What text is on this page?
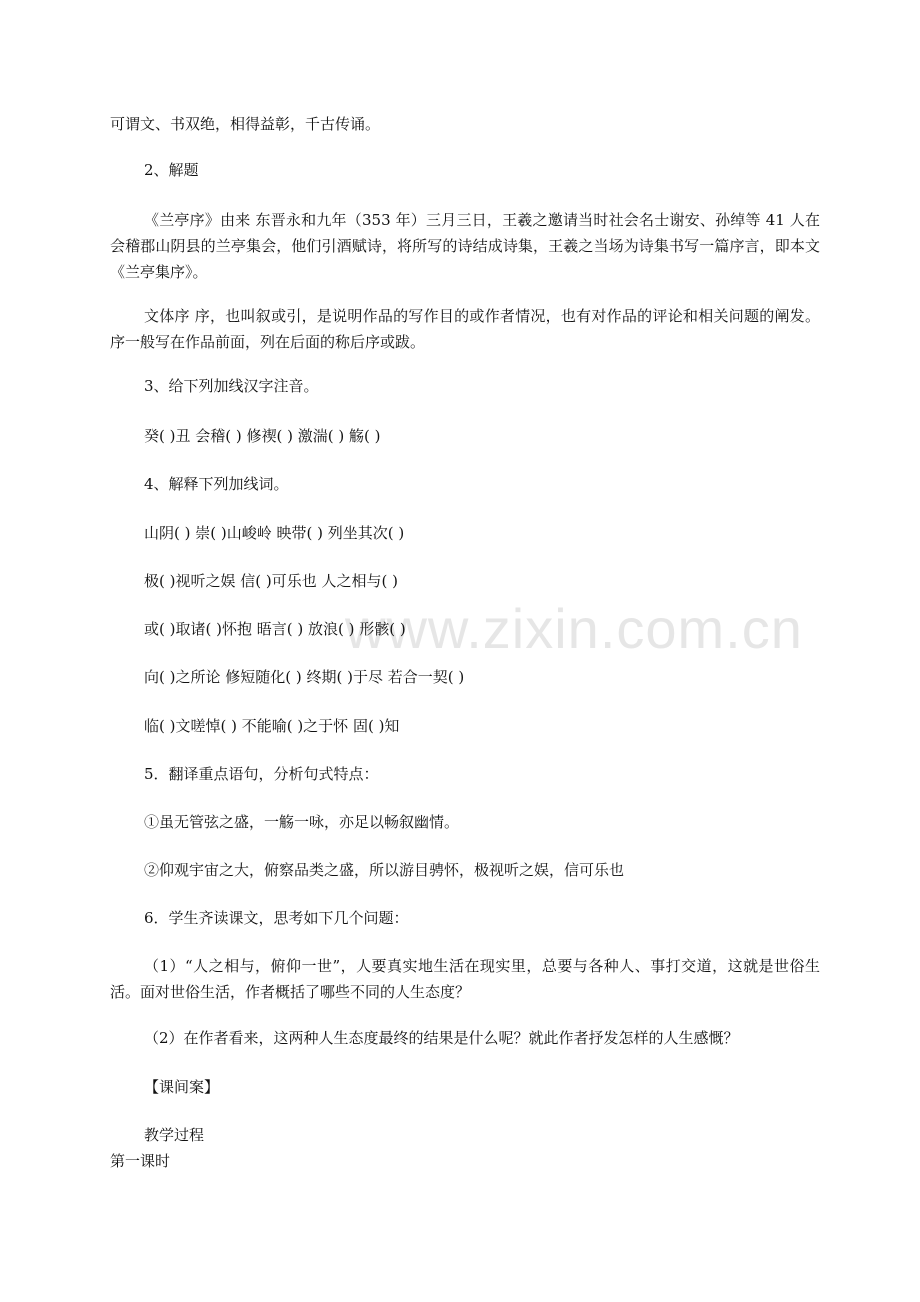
www.zixin.com.cn
可谓文、书双绝，相得益彰，千古传诵。
2、解题
《兰亭序》由来 东晋永和九年（353 年）三月三日，王羲之邀请当时社会名士谢安、孙绰等 41 人在会稽郡山阴县的兰亭集会，他们引酒赋诗，将所写的诗结成诗集，王羲之当场为诗集书写一篇序言，即本文《兰亭集序》。
文体序 序，也叫叙或引，是说明作品的写作目的或作者情况，也有对作品的评论和相关问题的阐发。序一般写在作品前面，列在后面的称后序或跋。
3、给下列加线汉字注音。
癸( )丑 会稽( ) 修禊( ) 激湍( ) 觞( )
4、解释下列加线词。
山阴( ) 崇( )山峻岭 映带( ) 列坐其次( )
极( )视听之娱 信( )可乐也 人之相与( )
或( )取诸( )怀抱 晤言( ) 放浪( ) 形骸( )
向( )之所论 修短随化( ) 终期( )于尽 若合一契( )
临( )文嗟悼( ) 不能喻( )之于怀 固( )知
5．翻译重点语句，分析句式特点：
①虽无管弦之盛，一觞一咏，亦足以畅叙幽情。
②仰观宇宙之大，俯察品类之盛，所以游目骋怀，极视听之娱，信可乐也
6．学生齐读课文，思考如下几个问题：
（1）“人之相与，俯仰一世”，人要真实地生活在现实里，总要与各种人、事打交道，这就是世俗生活。面对世俗生活，作者概括了哪些不同的人生态度？
（2）在作者看来，这两种人生态度最终的结果是什么呢？就此作者抒发怎样的人生感慨？
【课间案】
教学过程
第一课时
